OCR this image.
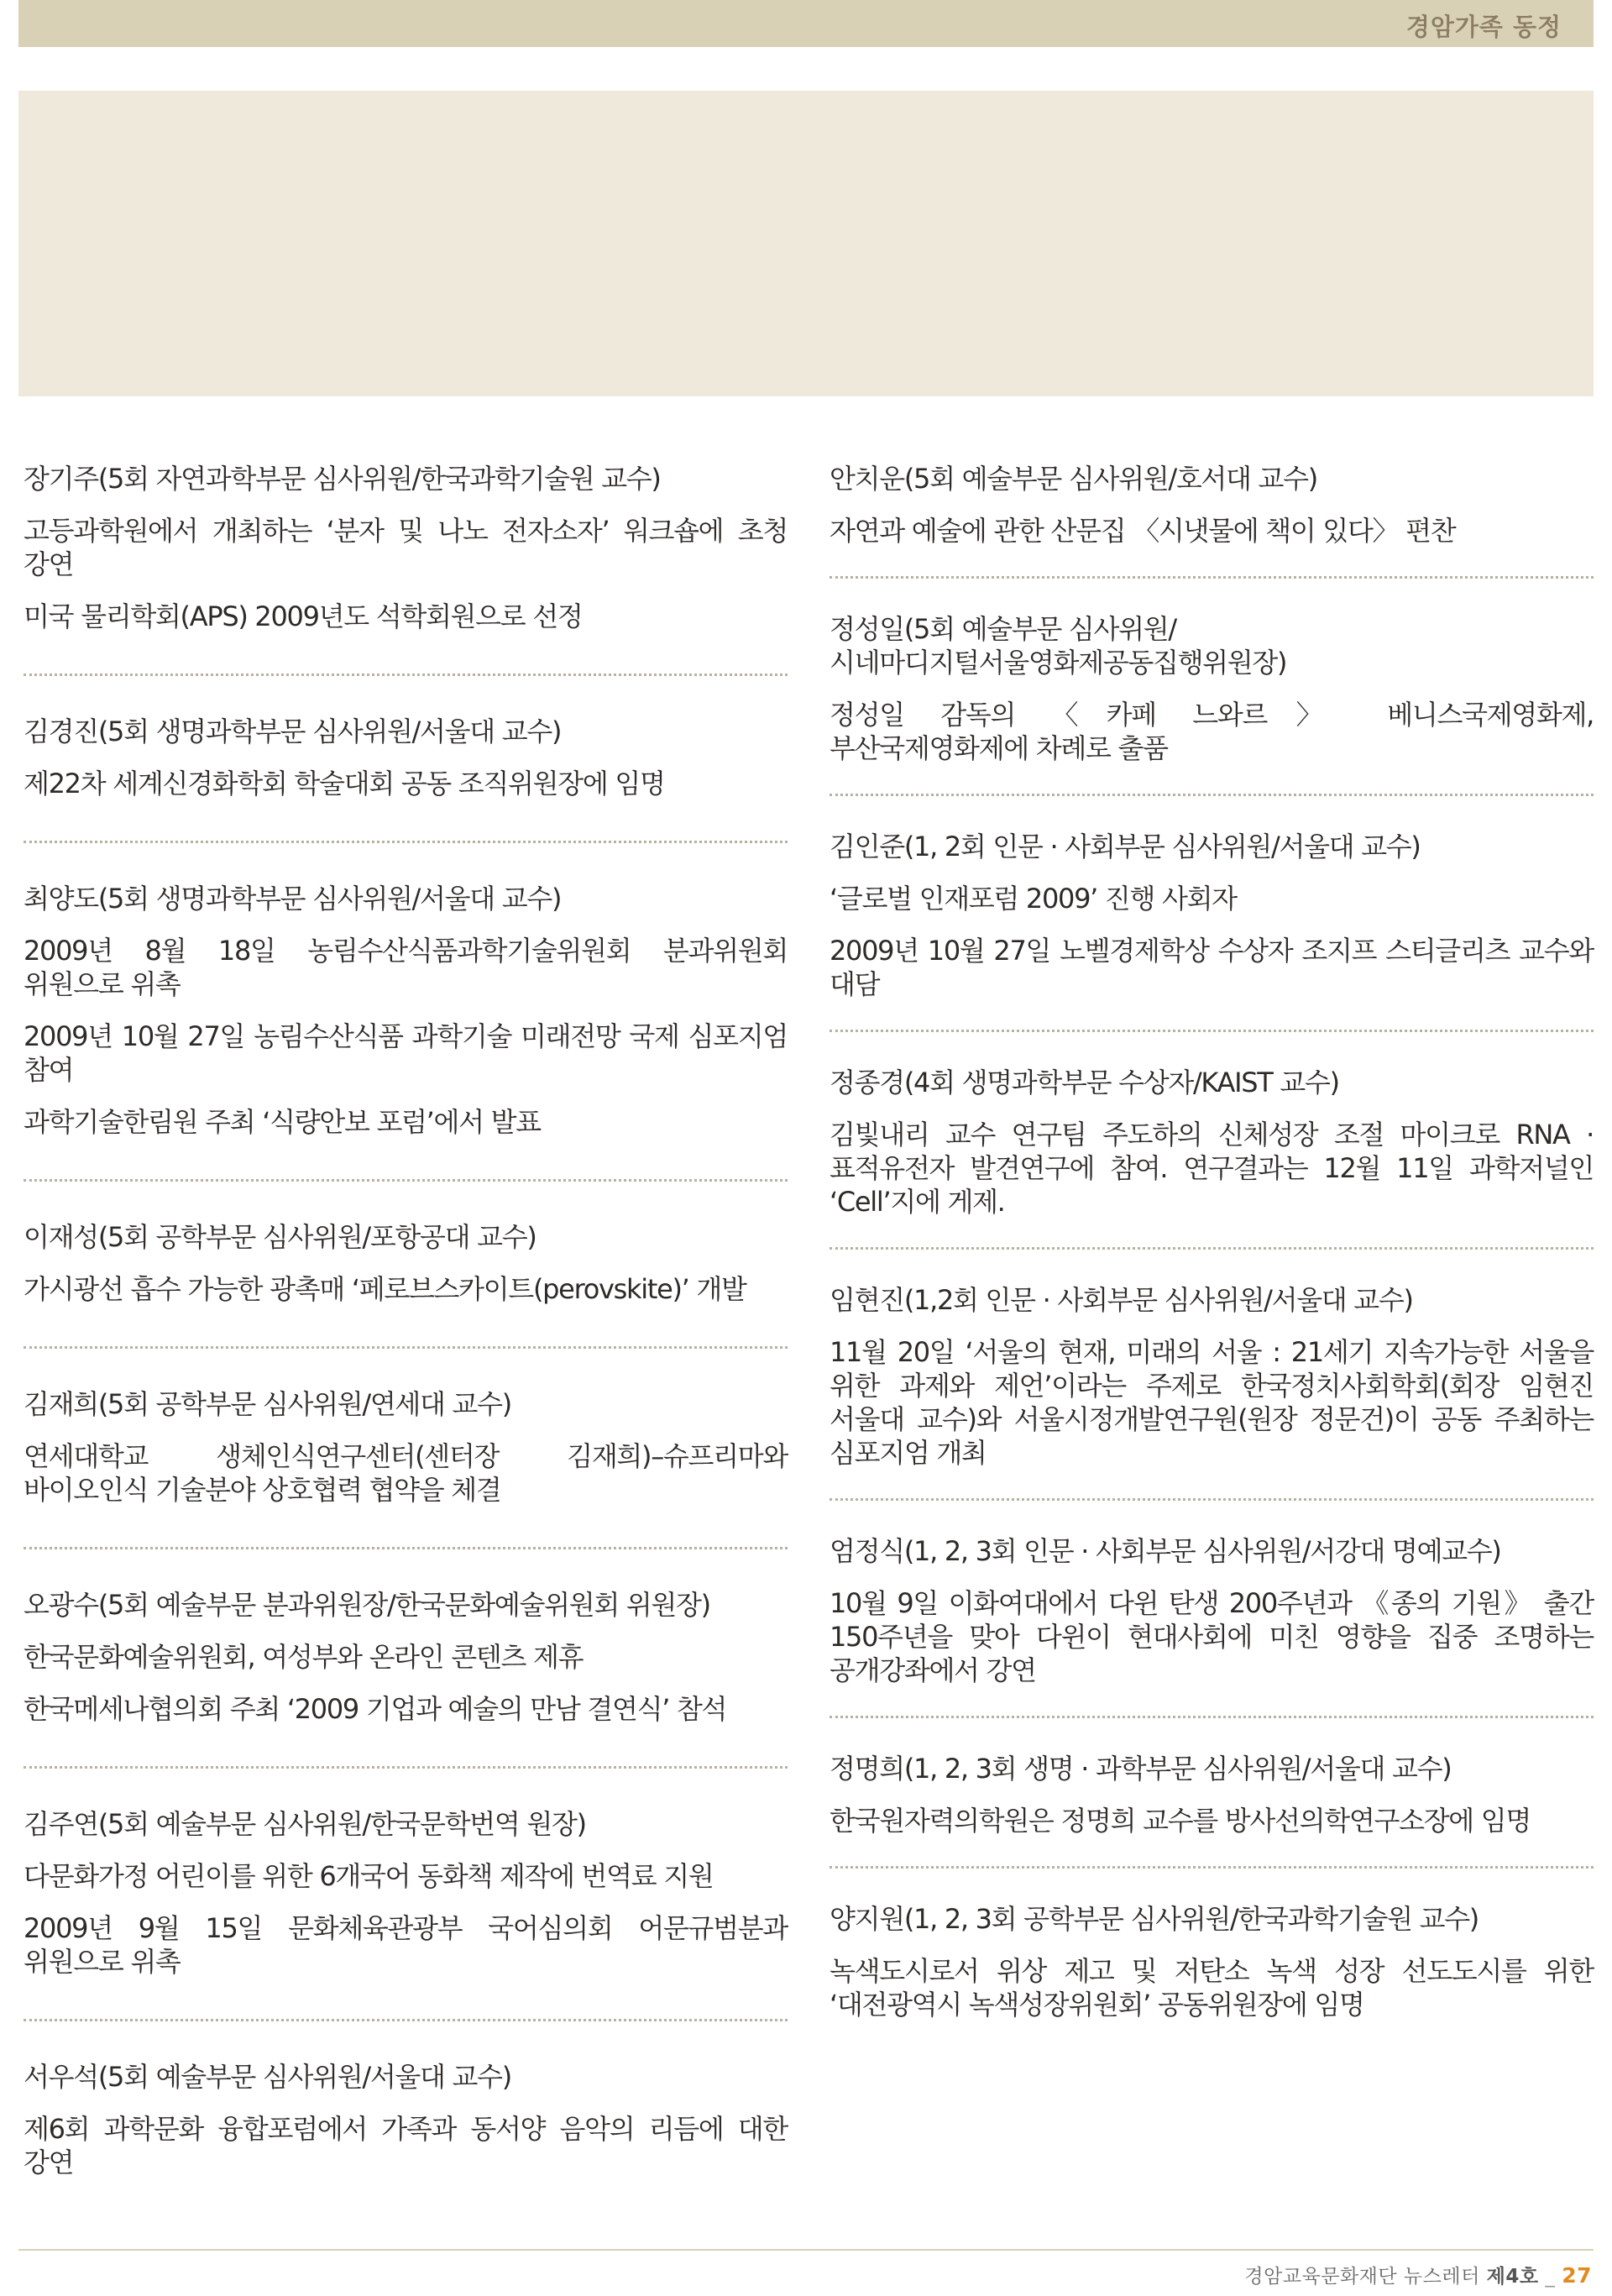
경암가족 동정

장기주(5회 자연과학부문 심사위원/한국과학기술원 교수)

고등과학원에서 개최하는 ‘분자 및 나노 전자소자’ 워크숍에 초청 강연

미국 물리학회(APS) 2009년도 석학회원으로 선정

김경진(5회 생명과학부문 심사위원/서울대 교수)

제22차 세계신경화학회 학술대회 공동 조직위원장에 임명

최양도(5회 생명과학부문 심사위원/서울대 교수)

2009년 8월 18일 농림수산식품과학기술위원회 분과위원회 위원으로 위촉

2009년 10월 27일 농림수산식품 과학기술 미래전망 국제 심포지엄 참여

과학기술한림원 주최 ‘식량안보 포럼’에서 발표

이재성(5회 공학부문 심사위원/포항공대 교수)

가시광선 흡수 가능한 광촉매 ‘페로브스카이트(perovskite)’ 개발

김재희(5회 공학부문 심사위원/연세대 교수)

연세대학교 생체인식연구센터(센터장 김재희)–슈프리마와 바이오인식 기술분야 상호협력 협약을 체결

오광수(5회 예술부문 분과위원장/한국문화예술위원회 위원장)

한국문화예술위원회, 여성부와 온라인 콘텐츠 제휴

한국메세나협의회 주최 ‘2009 기업과 예술의 만남 결연식’ 참석

김주연(5회 예술부문 심사위원/한국문학번역 원장)

다문화가정 어린이를 위한 6개국어 동화책 제작에 번역료 지원

2009년 9월 15일 문화체육관광부 국어심의회 어문규범분과 위원으로 위촉

서우석(5회 예술부문 심사위원/서울대 교수)

제6회 과학문화 융합포럼에서 가족과 동서양 음악의 리듬에 대한 강연

안치운(5회 예술부문 심사위원/호서대 교수)

자연과 예술에 관한 산문집 〈시냇물에 책이 있다〉 편찬

정성일(5회 예술부문 심사위원/시네마디지털서울영화제공동집행위원장)

정성일 감독의 〈카페 느와르〉 베니스국제영화제, 부산국제영화제에 차례로 출품

김인준(1, 2회 인문 · 사회부문 심사위원/서울대 교수)

‘글로벌 인재포럼 2009’ 진행 사회자

2009년 10월 27일 노벨경제학상 수상자 조지프 스티글리츠 교수와 대담

정종경(4회 생명과학부문 수상자/KAIST 교수)

김빛내리 교수 연구팀 주도하의 신체성장 조절 마이크로 RNA · 표적유전자 발견연구에 참여. 연구결과는 12월 11일 과학저널인 ‘Cell’지에 게제.

임현진(1,2회 인문 · 사회부문 심사위원/서울대 교수)

11월 20일 ‘서울의 현재, 미래의 서울 : 21세기 지속가능한 서울을 위한 과제와 제언’이라는 주제로 한국정치사회학회(회장 임현진 서울대 교수)와 서울시정개발연구원(원장 정문건)이 공동 주최하는 심포지엄 개최

엄정식(1, 2, 3회 인문 · 사회부문 심사위원/서강대 명예교수)

10월 9일 이화여대에서 다윈 탄생 200주년과 《종의 기원》 출간 150주년을 맞아 다윈이 현대사회에 미친 영향을 집중 조명하는 공개강좌에서 강연

정명희(1, 2, 3회 생명 · 과학부문 심사위원/서울대 교수)

한국원자력의학원은 정명희 교수를 방사선의학연구소장에 임명

양지원(1, 2, 3회 공학부문 심사위원/한국과학기술원 교수)

녹색도시로서 위상 제고 및 저탄소 녹색 성장 선도도시를 위한 ‘대전광역시 녹색성장위원회’ 공동위원장에 임명

경암교육문화재단 뉴스레터 제4호 _ 27
